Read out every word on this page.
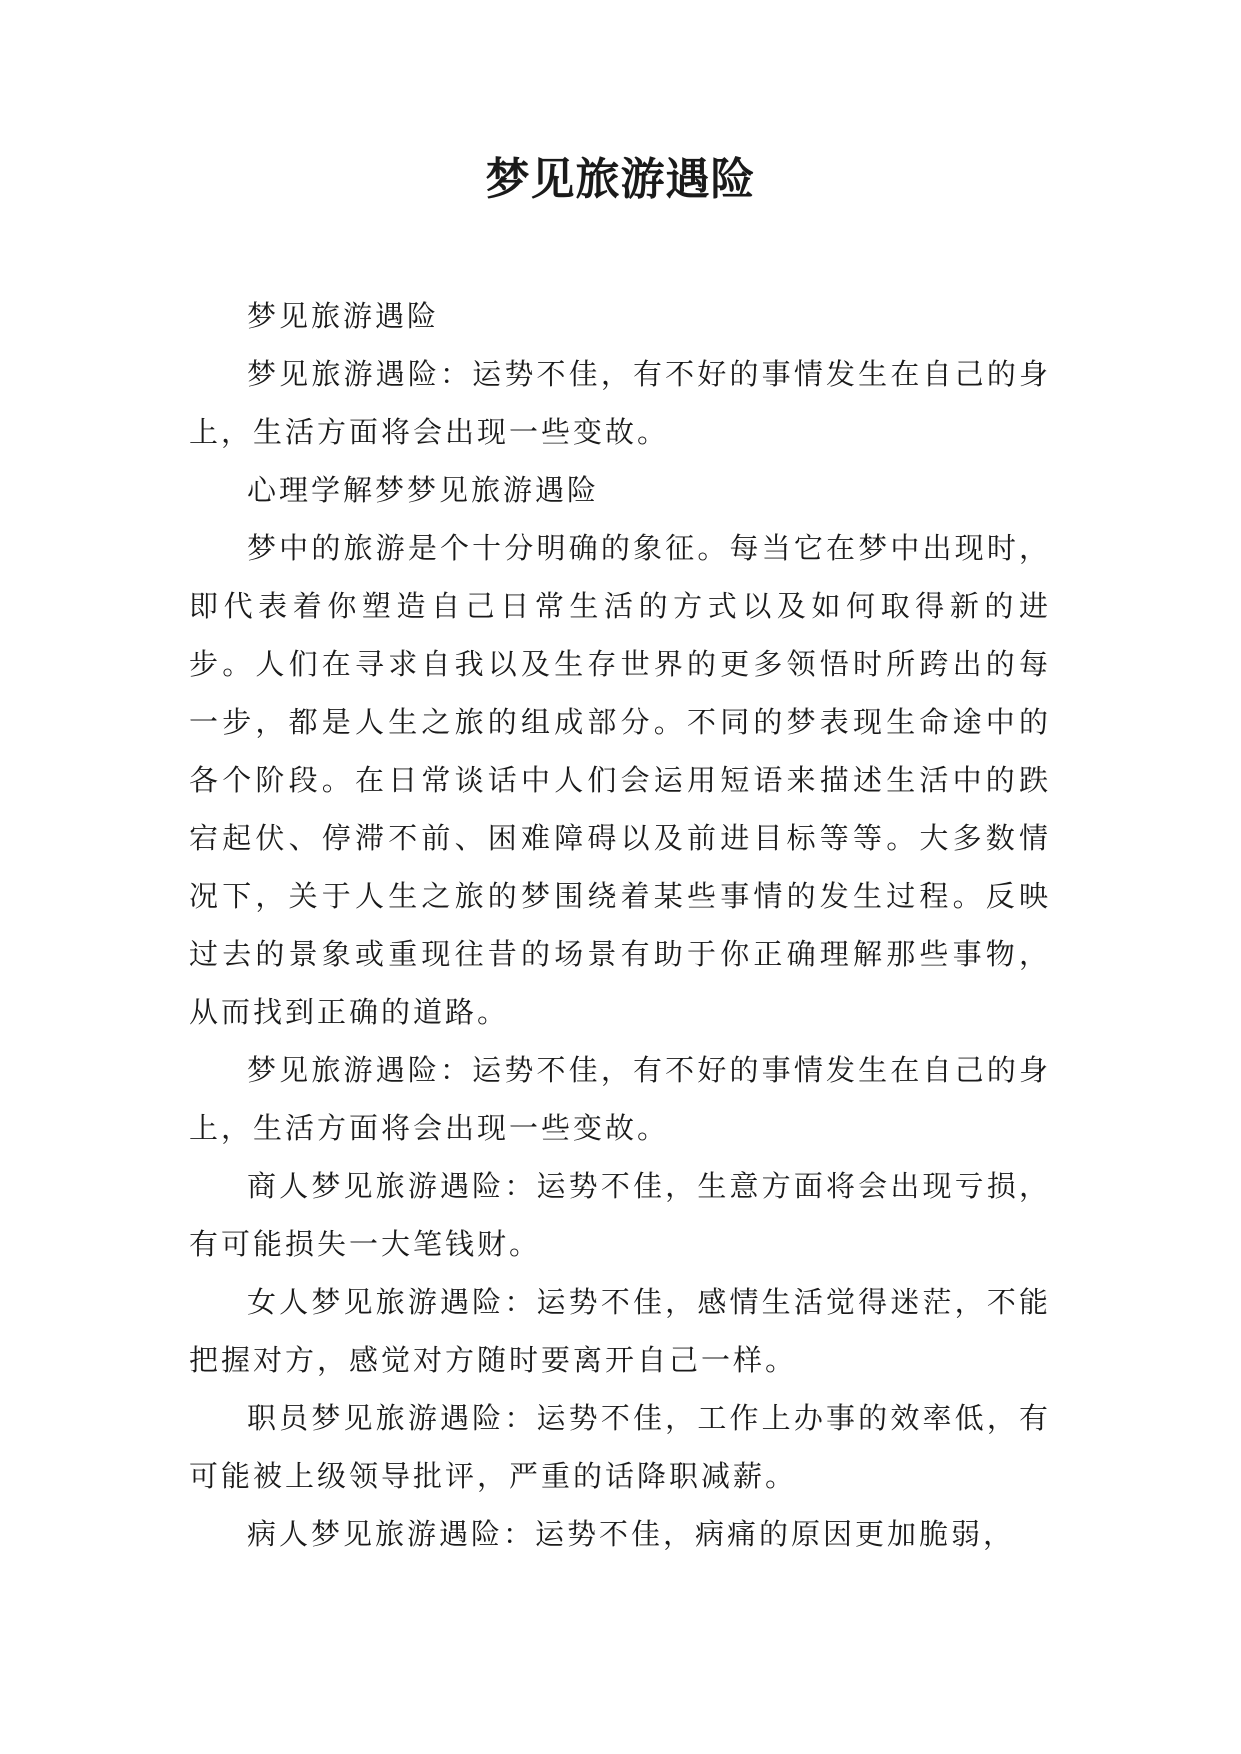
梦见旅游遇险

梦见旅游遇险

梦见旅游遇险：运势不佳，有不好的事情发生在自己的身上，生活方面将会出现一些变故。

心理学解梦梦见旅游遇险

梦中的旅游是个十分明确的象征。每当它在梦中出现时，即代表着你塑造自己日常生活的方式以及如何取得新的进步。人们在寻求自我以及生存世界的更多领悟时所跨出的每一步，都是人生之旅的组成部分。不同的梦表现生命途中的各个阶段。在日常谈话中人们会运用短语来描述生活中的跌宕起伏、停滞不前、困难障碍以及前进目标等等。大多数情况下，关于人生之旅的梦围绕着某些事情的发生过程。反映过去的景象或重现往昔的场景有助于你正确理解那些事物，从而找到正确的道路。

梦见旅游遇险：运势不佳，有不好的事情发生在自己的身上，生活方面将会出现一些变故。

商人梦见旅游遇险：运势不佳，生意方面将会出现亏损，有可能损失一大笔钱财。

女人梦见旅游遇险：运势不佳，感情生活觉得迷茫，不能把握对方，感觉对方随时要离开自己一样。

职员梦见旅游遇险：运势不佳，工作上办事的效率低，有可能被上级领导批评，严重的话降职减薪。

病人梦见旅游遇险：运势不佳，病痛的原因更加脆弱，
